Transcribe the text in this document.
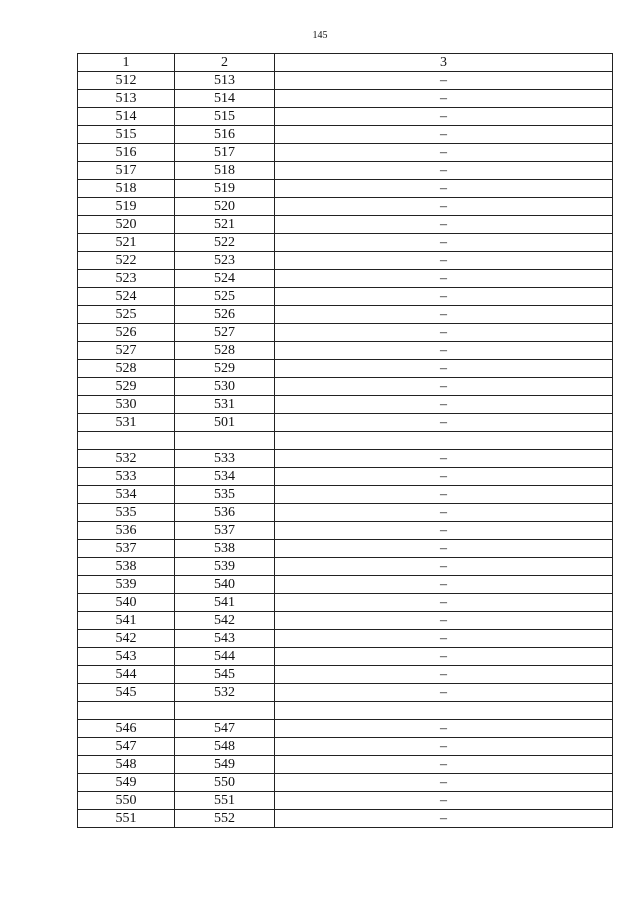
145
1	2	3
512	513	–
513	514	–
514	515	–
515	516	–
516	517	–
517	518	–
518	519	–
519	520	–
520	521	–
521	522	–
522	523	–
523	524	–
524	525	–
525	526	–
526	527	–
527	528	–
528	529	–
529	530	–
530	531	–
531	501	–

532	533	–
533	534	–
534	535	–
535	536	–
536	537	–
537	538	–
538	539	–
539	540	–
540	541	–
541	542	–
542	543	–
543	544	–
544	545	–
545	532	–

546	547	–
547	548	–
548	549	–
549	550	–
550	551	–
551	552	–
